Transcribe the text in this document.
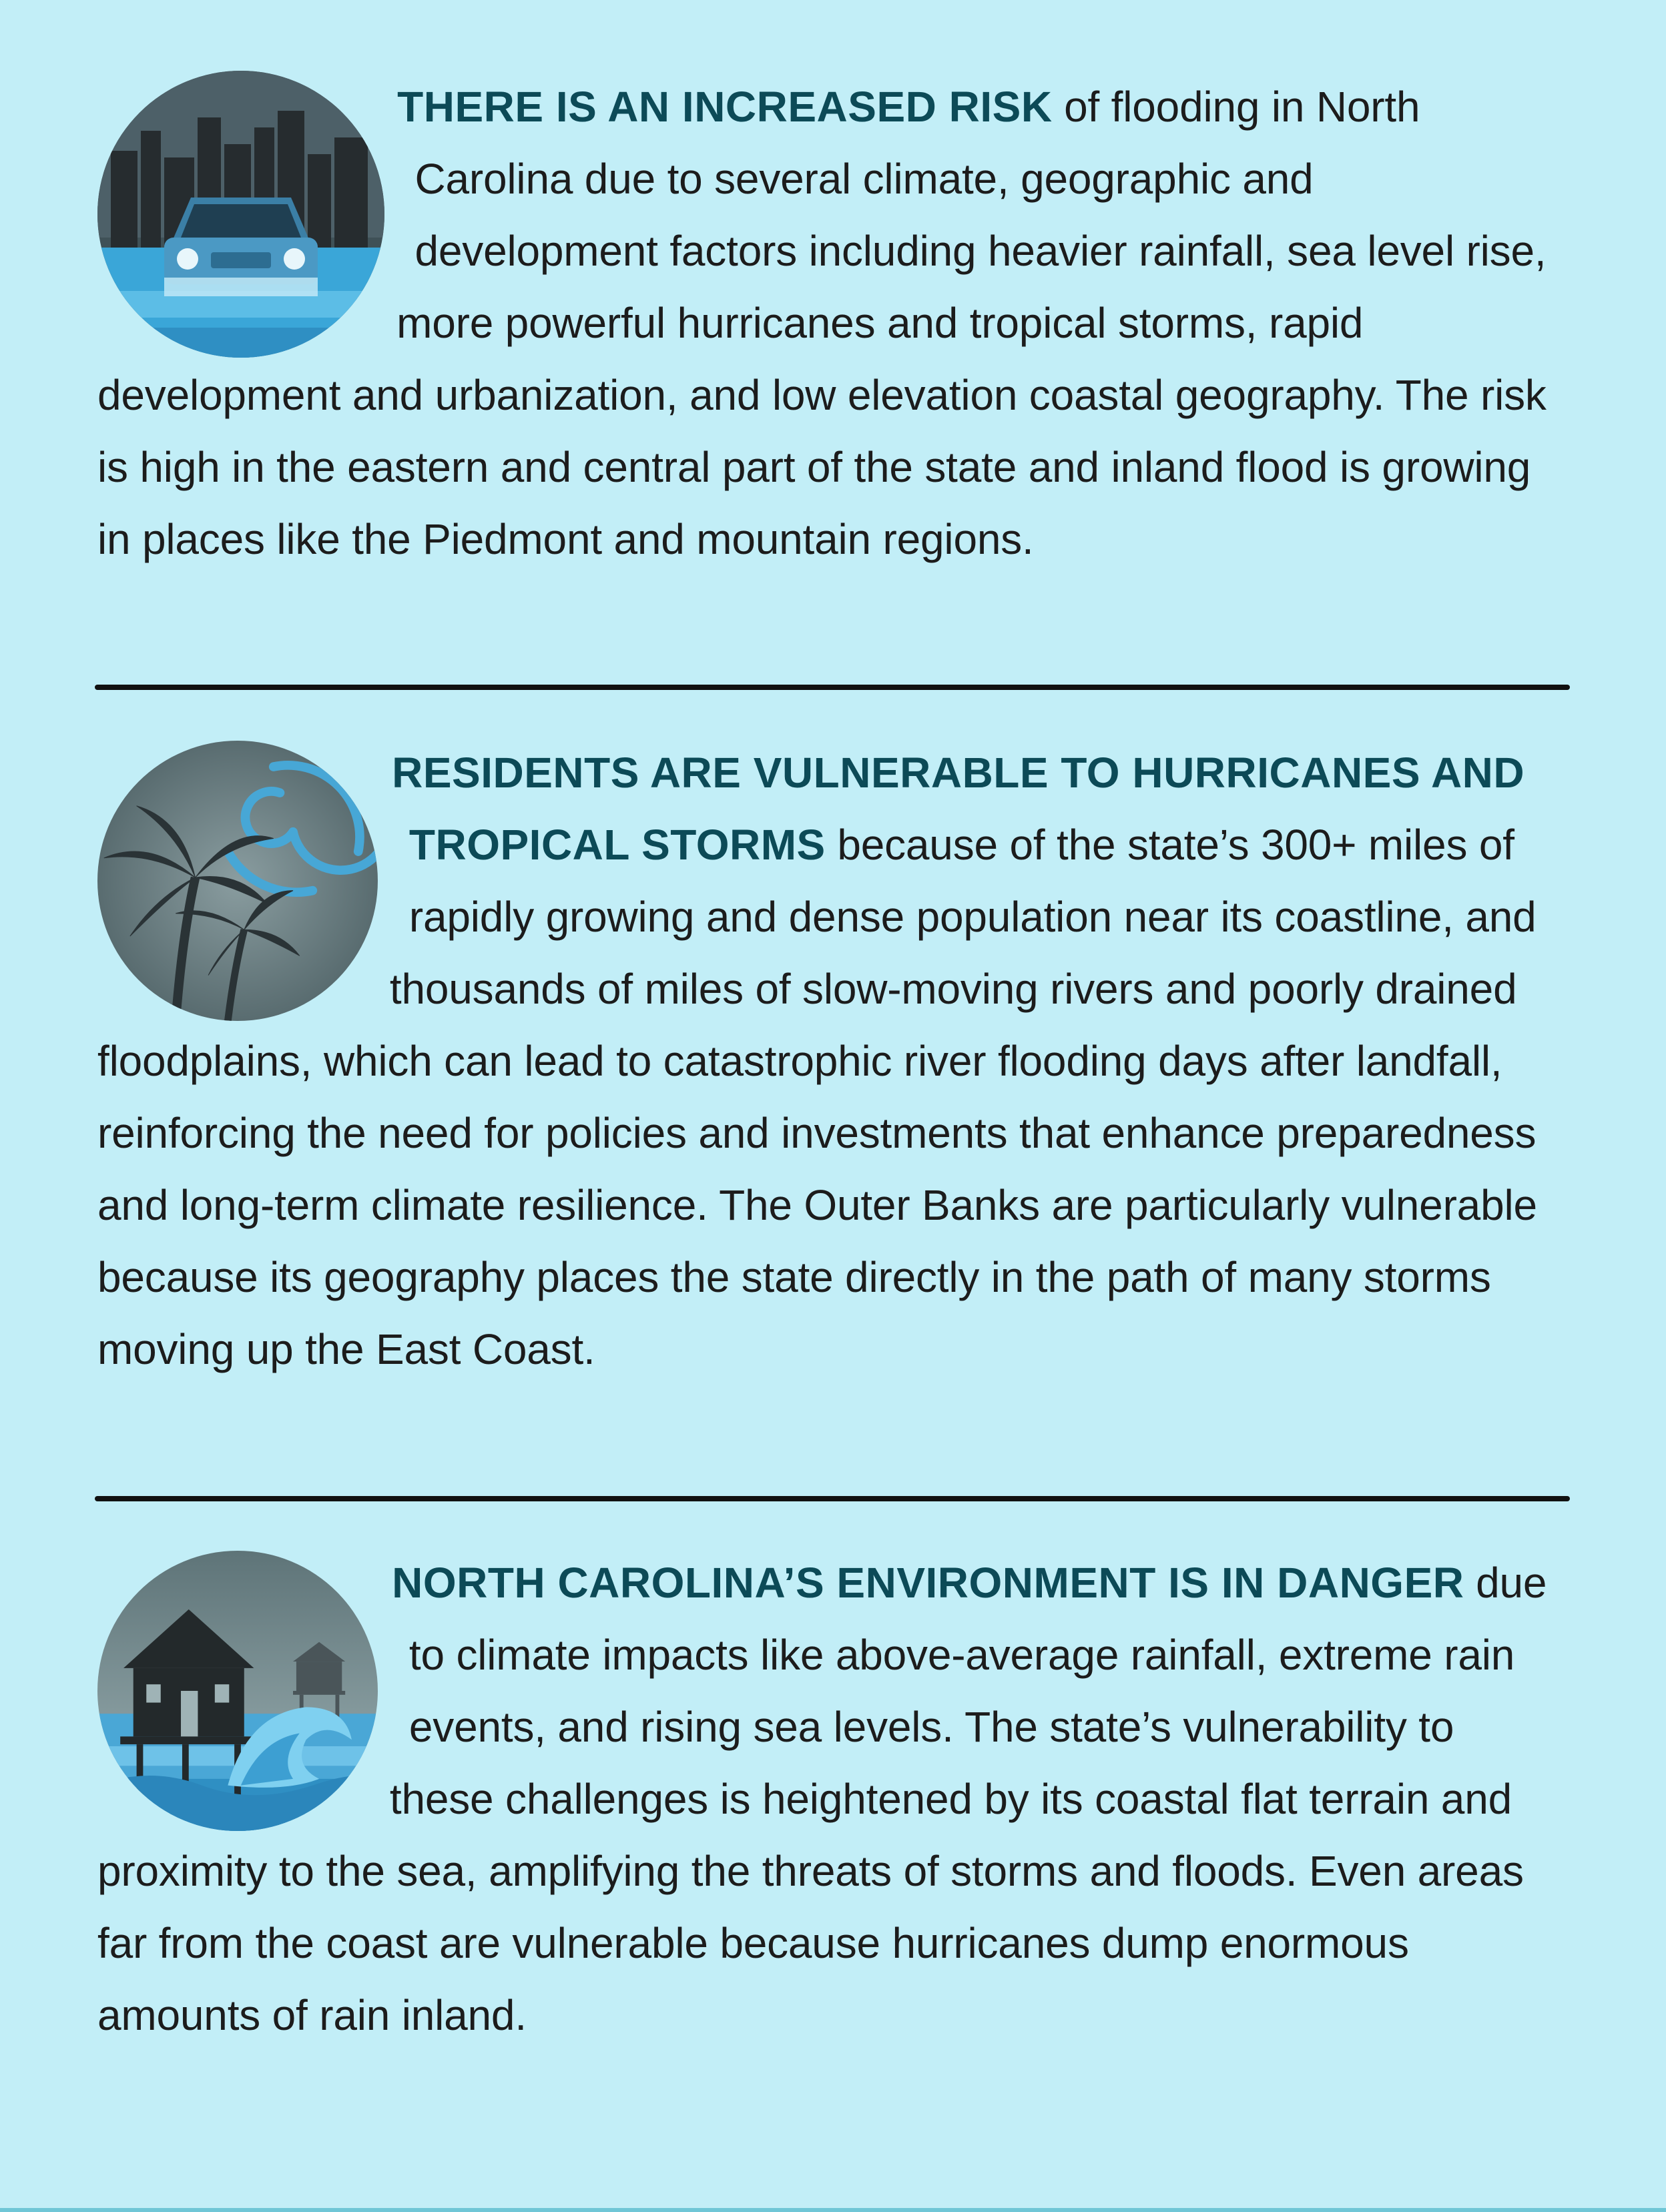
THERE IS AN INCREASED RISK of flooding in North Carolina due to several climate, geographic and development factors including heavier rainfall, sea level rise, more powerful hurricanes and tropical storms, rapid development and urbanization, and low elevation coastal geography. The risk is high in the eastern and central part of the state and inland flood is growing in places like the Piedmont and mountain regions.

RESIDENTS ARE VULNERABLE TO HURRICANES AND TROPICAL STORMS because of the state’s 300+ miles of rapidly growing and dense population near its coastline, and thousands of miles of slow-moving rivers and poorly drained floodplains, which can lead to catastrophic river flooding days after landfall, reinforcing the need for policies and investments that enhance preparedness and long-term climate resilience. The Outer Banks are particularly vulnerable because its geography places the state directly in the path of many storms moving up the East Coast.

NORTH CAROLINA’S ENVIRONMENT IS IN DANGER due to climate impacts like above-average rainfall, extreme rain events, and rising sea levels. The state’s vulnerability to these challenges is heightened by its coastal flat terrain and proximity to the sea, amplifying the threats of storms and floods. Even areas far from the coast are vulnerable because hurricanes dump enormous amounts of rain inland.
